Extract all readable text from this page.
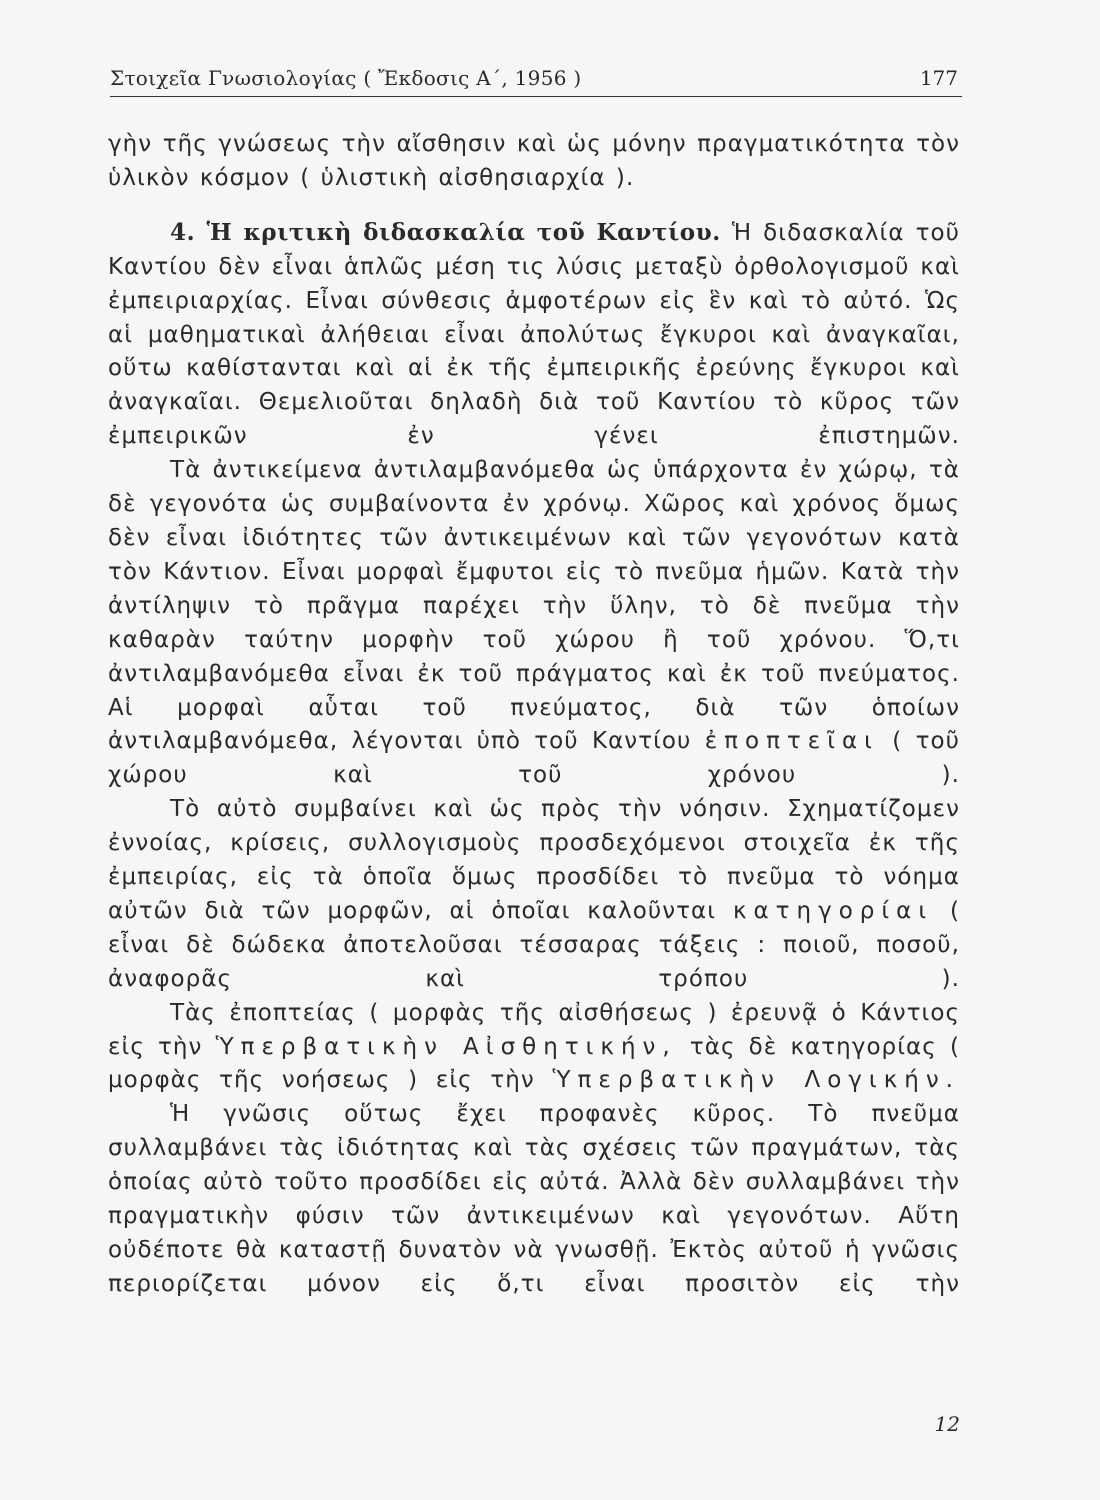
Στοιχεῖα Γνωσιολογίας ( Ἔκδοσις Α΄, 1956 )	177

γὴν τῆς γνώσεως τὴν αἴσθησιν καὶ ὡς μόνην πραγματικότητα τὸν ὑλικὸν κόσμον ( ὑλιστικὴ αἰσθησιαρχία ).

4. Ἡ κριτικὴ διδασκαλία τοῦ Καντίου. Ἡ διδασκαλία τοῦ Καντίου δὲν εἶναι ἁπλῶς μέση τις λύσις μεταξὺ ὀρθολογισμοῦ καὶ ἐμπειριαρχίας. Εἶναι σύνθεσις ἀμφοτέρων εἰς ἓν καὶ τὸ αὐτό. Ὡς αἱ μαθηματικαὶ ἀλήθειαι εἶναι ἀπολύτως ἔγκυροι καὶ ἀναγκαῖαι, οὕτω καθίστανται καὶ αἱ ἐκ τῆς ἐμπειρικῆς ἐρεύνης ἔγκυροι καὶ ἀναγκαῖαι. Θεμελιοῦται δηλαδὴ διὰ τοῦ Καντίου τὸ κῦρος τῶν ἐμπειρικῶν ἐν γένει ἐπιστημῶν.

Τὰ ἀντικείμενα ἀντιλαμβανόμεθα ὡς ὑπάρχοντα ἐν χώρῳ, τὰ δὲ γεγονότα ὡς συμβαίνοντα ἐν χρόνῳ. Χῶρος καὶ χρόνος ὅμως δὲν εἶναι ἰδιότητες τῶν ἀντικειμένων καὶ τῶν γεγονότων κατὰ τὸν Κάντιον. Εἶναι μορφαὶ ἔμφυτοι εἰς τὸ πνεῦμα ἡμῶν. Κατὰ τὴν ἀντίληψιν τὸ πρᾶγμα παρέχει τὴν ὕλην, τὸ δὲ πνεῦμα τὴν καθαρὰν ταύτην μορφὴν τοῦ χώρου ἢ τοῦ χρόνου. Ὅ,τι ἀντιλαμβανόμεθα εἶναι ἐκ τοῦ πράγματος καὶ ἐκ τοῦ πνεύματος. Αἱ μορφαὶ αὗται τοῦ πνεύματος, διὰ τῶν ὁποίων ἀντιλαμβανόμεθα, λέγονται ὑπὸ τοῦ Καντίου ἐποπτεῖαι ( τοῦ χώρου καὶ τοῦ χρόνου ).

Τὸ αὐτὸ συμβαίνει καὶ ὡς πρὸς τὴν νόησιν. Σχηματίζομεν ἐννοίας, κρίσεις, συλλογισμοὺς προσδεχόμενοι στοιχεῖα ἐκ τῆς ἐμπειρίας, εἰς τὰ ὁποῖα ὅμως προσδίδει τὸ πνεῦμα τὸ νόημα αὐτῶν διὰ τῶν μορφῶν, αἱ ὁποῖαι καλοῦνται κατηγορίαι ( εἶναι δὲ δώδεκα ἀποτελοῦσαι τέσσαρας τάξεις : ποιοῦ, ποσοῦ, ἀναφορᾶς καὶ τρόπου ).

Τὰς ἐποπτείας ( μορφὰς τῆς αἰσθήσεως ) ἐρευνᾷ ὁ Κάντιος εἰς τὴν Ὑπερβατικὴν Αἰσθητικήν, τὰς δὲ κατηγορίας ( μορφὰς τῆς νοήσεως ) εἰς τὴν Ὑπερβατικὴν Λογικήν.

Ἡ γνῶσις οὕτως ἔχει προφανὲς κῦρος. Τὸ πνεῦμα συλλαμβάνει τὰς ἰδιότητας καὶ τὰς σχέσεις τῶν πραγμάτων, τὰς ὁποίας αὐτὸ τοῦτο προσδίδει εἰς αὐτά. Ἀλλὰ δὲν συλλαμβάνει τὴν πραγματικὴν φύσιν τῶν ἀντικειμένων καὶ γεγονότων. Αὕτη οὐδέποτε θὰ καταστῇ δυνατὸν νὰ γνωσθῇ. Ἐκτὸς αὐτοῦ ἡ γνῶσις περιορίζεται μόνον εἰς ὅ,τι εἶναι προσιτὸν εἰς τὴν

12
